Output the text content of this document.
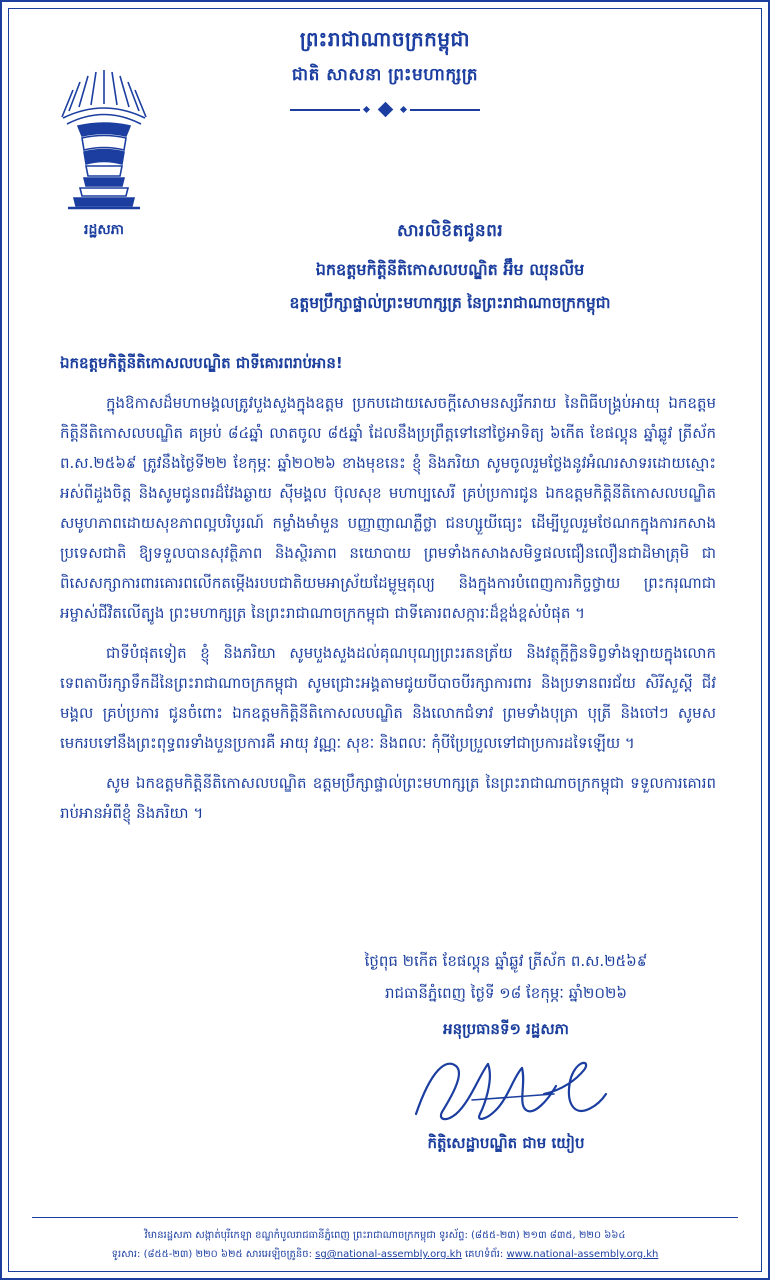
ព្រះរាជាណាចក្រកម្ពុជា
ជាតិ សាសនា ព្រះមហាក្សត្រ
រដ្ឋសភា	សារលិខិតជូនពរ
ឯកឧត្តមកិត្តិនីតិកោសលបណ្ឌិត អ៊ឹម ឈុនលីម
ឧត្តមប្រឹក្សាផ្ទាល់ព្រះមហាក្សត្រ នៃព្រះរាជាណាចក្រកម្ពុជា
ឯកឧត្តមកិត្តិនីតិកោសលបណ្ឌិត ជាទីគោរពរាប់អាន!

ក្នុងឱកាសដ៏មហាមង្គលត្រូវបួងសួងក្នុងឧត្តម ប្រកបដោយសេចក្តីសោមនស្សរីករាយ នៃពិធីបង្រ្គប់អាយុ ឯកឧត្តមកិត្តិនីតិកោសលបណ្ឌិត គម្រប់ ៨៤ឆ្នាំ លាតចូល ៨៥ឆ្នាំ ដែលនឹងប្រព្រឹត្តទៅនៅថ្ងៃអាទិត្យ ៦កើត ខែផល្គុន ឆ្នាំឆ្លូវ ត្រីស័ក ព.ស.២៥៦៩ ត្រូវនឹងថ្ងៃទី២២ ខែកុម្ភៈ ឆ្នាំ២០២៦ ខាងមុខនេះ ខ្ញុំ និងភរិយា សូមចូលរួមថ្លែងនូវអំណរសាទរដោយស្មោះអស់ពីដួងចិត្ត និងសូមជូនពរដ៏វែងឆ្ងាយ ស៊ីមង្គល ប៊ុលសុខ មហាប្បសេរី គ្រប់ប្រការជូន ឯកឧត្តមកិត្តិនីតិកោសលបណ្ឌិត សមូហភាពដោយសុខភាពល្អបរិបូរណ៍ កម្លាំងមាំមួន បញ្ញាញាណភ្លឺថ្លា ជនហ្សួយីធ្យេះ ដើម្បីបួលរួមថែណកក្នុងការកសាងប្រទេសជាតិ ឱ្យទទួលបានសុវត្ថិភាព និងស្ថិរភាព នយោបាយ ព្រមទាំងកសាងសមិទ្ធផលជឿនលឿនជាដិមាត្រុមិ ជាពិសេសក្សាការពារគោរពលើកតម្កើងរបបជាតិយមអាស្រ័យដែម្លូម្មតុល្យ និងក្នុងការបំពេញការកិច្ចថ្វាយ ព្រះករុណាជាអម្ចាស់ជីវិតលើត្បូង ព្រះមហាក្សត្រ នៃព្រះរាជាណាចក្រកម្ពុជា ជាទីគោរពសក្ការៈដ៏ខ្ពង់ខ្ពស់បំផុត ។

ជាទីបំផុតទៀត ខ្ញុំ និងភរិយា សូមបួងសួងដល់គុណបុណ្យព្រះរតនត្រ័យ និងវត្ថុក្តីក្លិនទិព្វទាំងឡាយក្នុងលោកទេពតាបីរក្សាទឹកដីនៃព្រះរាជាណាចក្រកម្ពុជា សូមជ្រោះអង្គតាមជូយបីបាចបីរក្សាការពារ និងប្រទានពរជ័យ សិរីសួស្តី ជីវមង្គល គ្រប់ប្រការ ជូនចំពោះ ឯកឧត្តមកិត្តិនីតិកោសលបណ្ឌិត និងលោកជំទាវ ព្រមទាំងបុត្រា បុត្រី និងចៅៗ សូមសមេករបទៅនឹងព្រះពុទ្ធពរទាំងបួនប្រការគឺ អាយុ វណ្ណៈ សុខៈ និងពលៈ កុំបីប្រែប្រួលទៅជាប្រការដទៃឡើយ ។

សូម ឯកឧត្តមកិត្តិនីតិកោសលបណ្ឌិត ឧត្តមប្រឹក្សាផ្ទាល់ព្រះមហាក្សត្រ នៃព្រះរាជាណាចក្រកម្ពុជា ទទួលការគោរពរាប់អានអំពីខ្ញុំ និងភរិយា ។

ថ្ងៃពុធ ២កើត ខែផល្គុន ឆ្នាំឆ្លូវ ត្រីស័ក ព.ស.២៥៦៩
រាជធានីភ្នំពេញ ថ្ងៃទី ១៨ ខែកុម្ភៈ ឆ្នាំ២០២៦
អនុប្រធានទី១ រដ្ឋសភា
កិត្តិសេដ្ឋាបណ្ឌិត ជាម យៀប
វិមានរដ្ឋសភា សង្កាត់បុរីកេឡា ខណ្ឌកំបូលរាជធានីភ្នំពេញ ព្រះរាជាណាចក្រកម្ពុជា ទូរស័ព្ទ: (៨៥៥-២៣) ២១៣ ៨៣៥, ២២០ ៦៦៤
ទូរសារ: (៨៥៥-២៣) ២២០ ៦២៥ សារអេឡិចត្រូនិច: sg@national-assembly.org.kh គេហទំព័រ: www.national-assembly.org.kh
